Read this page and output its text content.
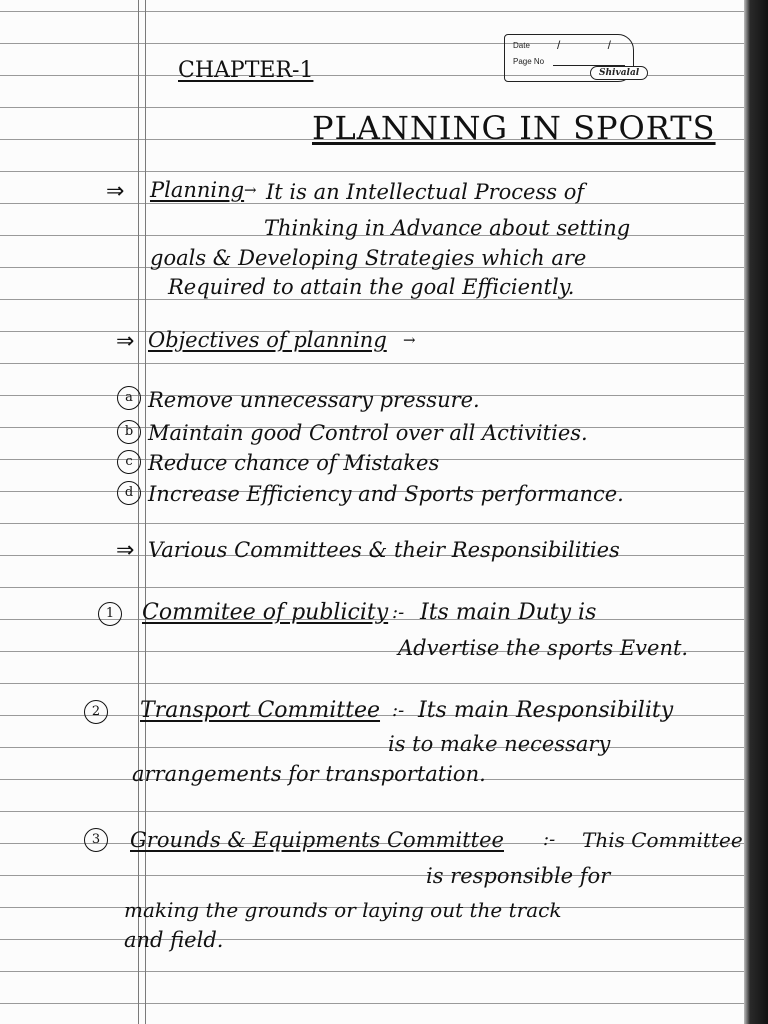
Date / /
Page No
Shivalal
CHAPTER-1
PLANNING IN SPORTS
⇒ Planning → It is an Intellectual Process of
Thinking in Advance about setting
goals & Developing Strategies which are
Required to attain the goal Efficiently.
⇒ Objectives of planning →
a Remove unnecessary pressure.
b Maintain good Control over all Activities.
c Reduce chance of Mistakes
d Increase Efficiency and Sports performance.
⇒ Various Committees & their Responsibilities
1	Commitee of publicity :- Its main Duty is
Advertise the sports Event.
2	Transport Committee :- Its main Responsibility
is to make necessary
arrangements for transportation.
3	Grounds & Equipments Committee :- This Committee
is responsible for
making the grounds or laying out the track
and field.
